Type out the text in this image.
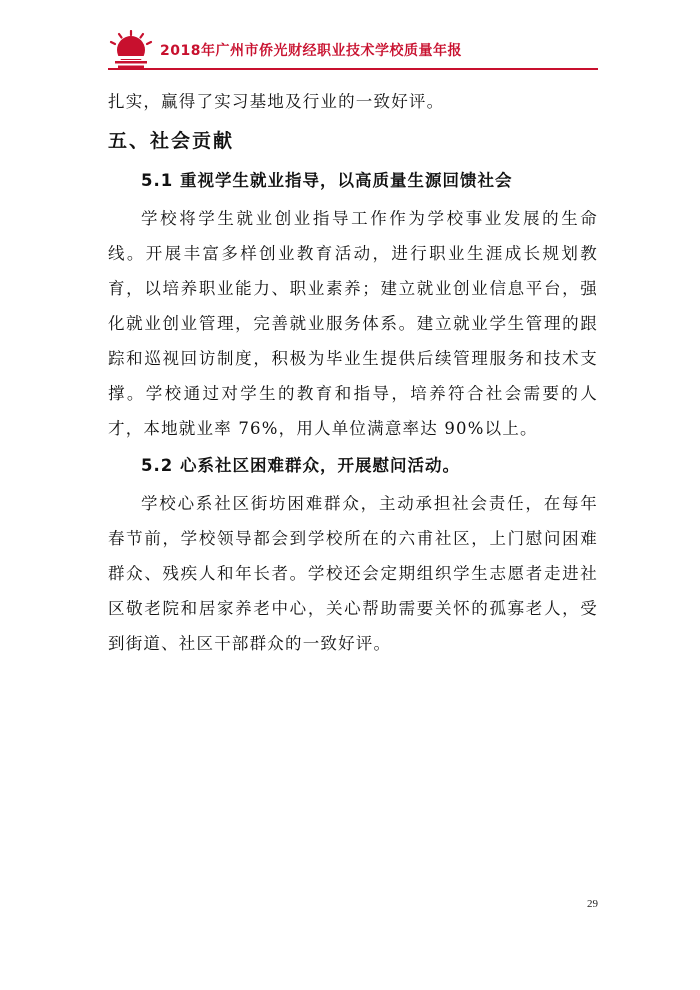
2018年广州市侨光财经职业技术学校质量年报

扎实，赢得了实习基地及行业的一致好评。

五、社会贡献
5.1 重视学生就业指导，以高质量生源回馈社会

学校将学生就业创业指导工作作为学校事业发展的生命线。开展丰富多样创业教育活动，进行职业生涯成长规划教育，以培养职业能力、职业素养；建立就业创业信息平台，强化就业创业管理，完善就业服务体系。建立就业学生管理的跟踪和巡视回访制度，积极为毕业生提供后续管理服务和技术支撑。学校通过对学生的教育和指导，培养符合社会需要的人才，本地就业率 76%，用人单位满意率达 90%以上。

5.2 心系社区困难群众，开展慰问活动。

学校心系社区街坊困难群众，主动承担社会责任，在每年春节前，学校领导都会到学校所在的六甫社区，上门慰问困难群众、残疾人和年长者。学校还会定期组织学生志愿者走进社区敬老院和居家养老中心，关心帮助需要关怀的孤寡老人，受到街道、社区干部群众的一致好评。

29
